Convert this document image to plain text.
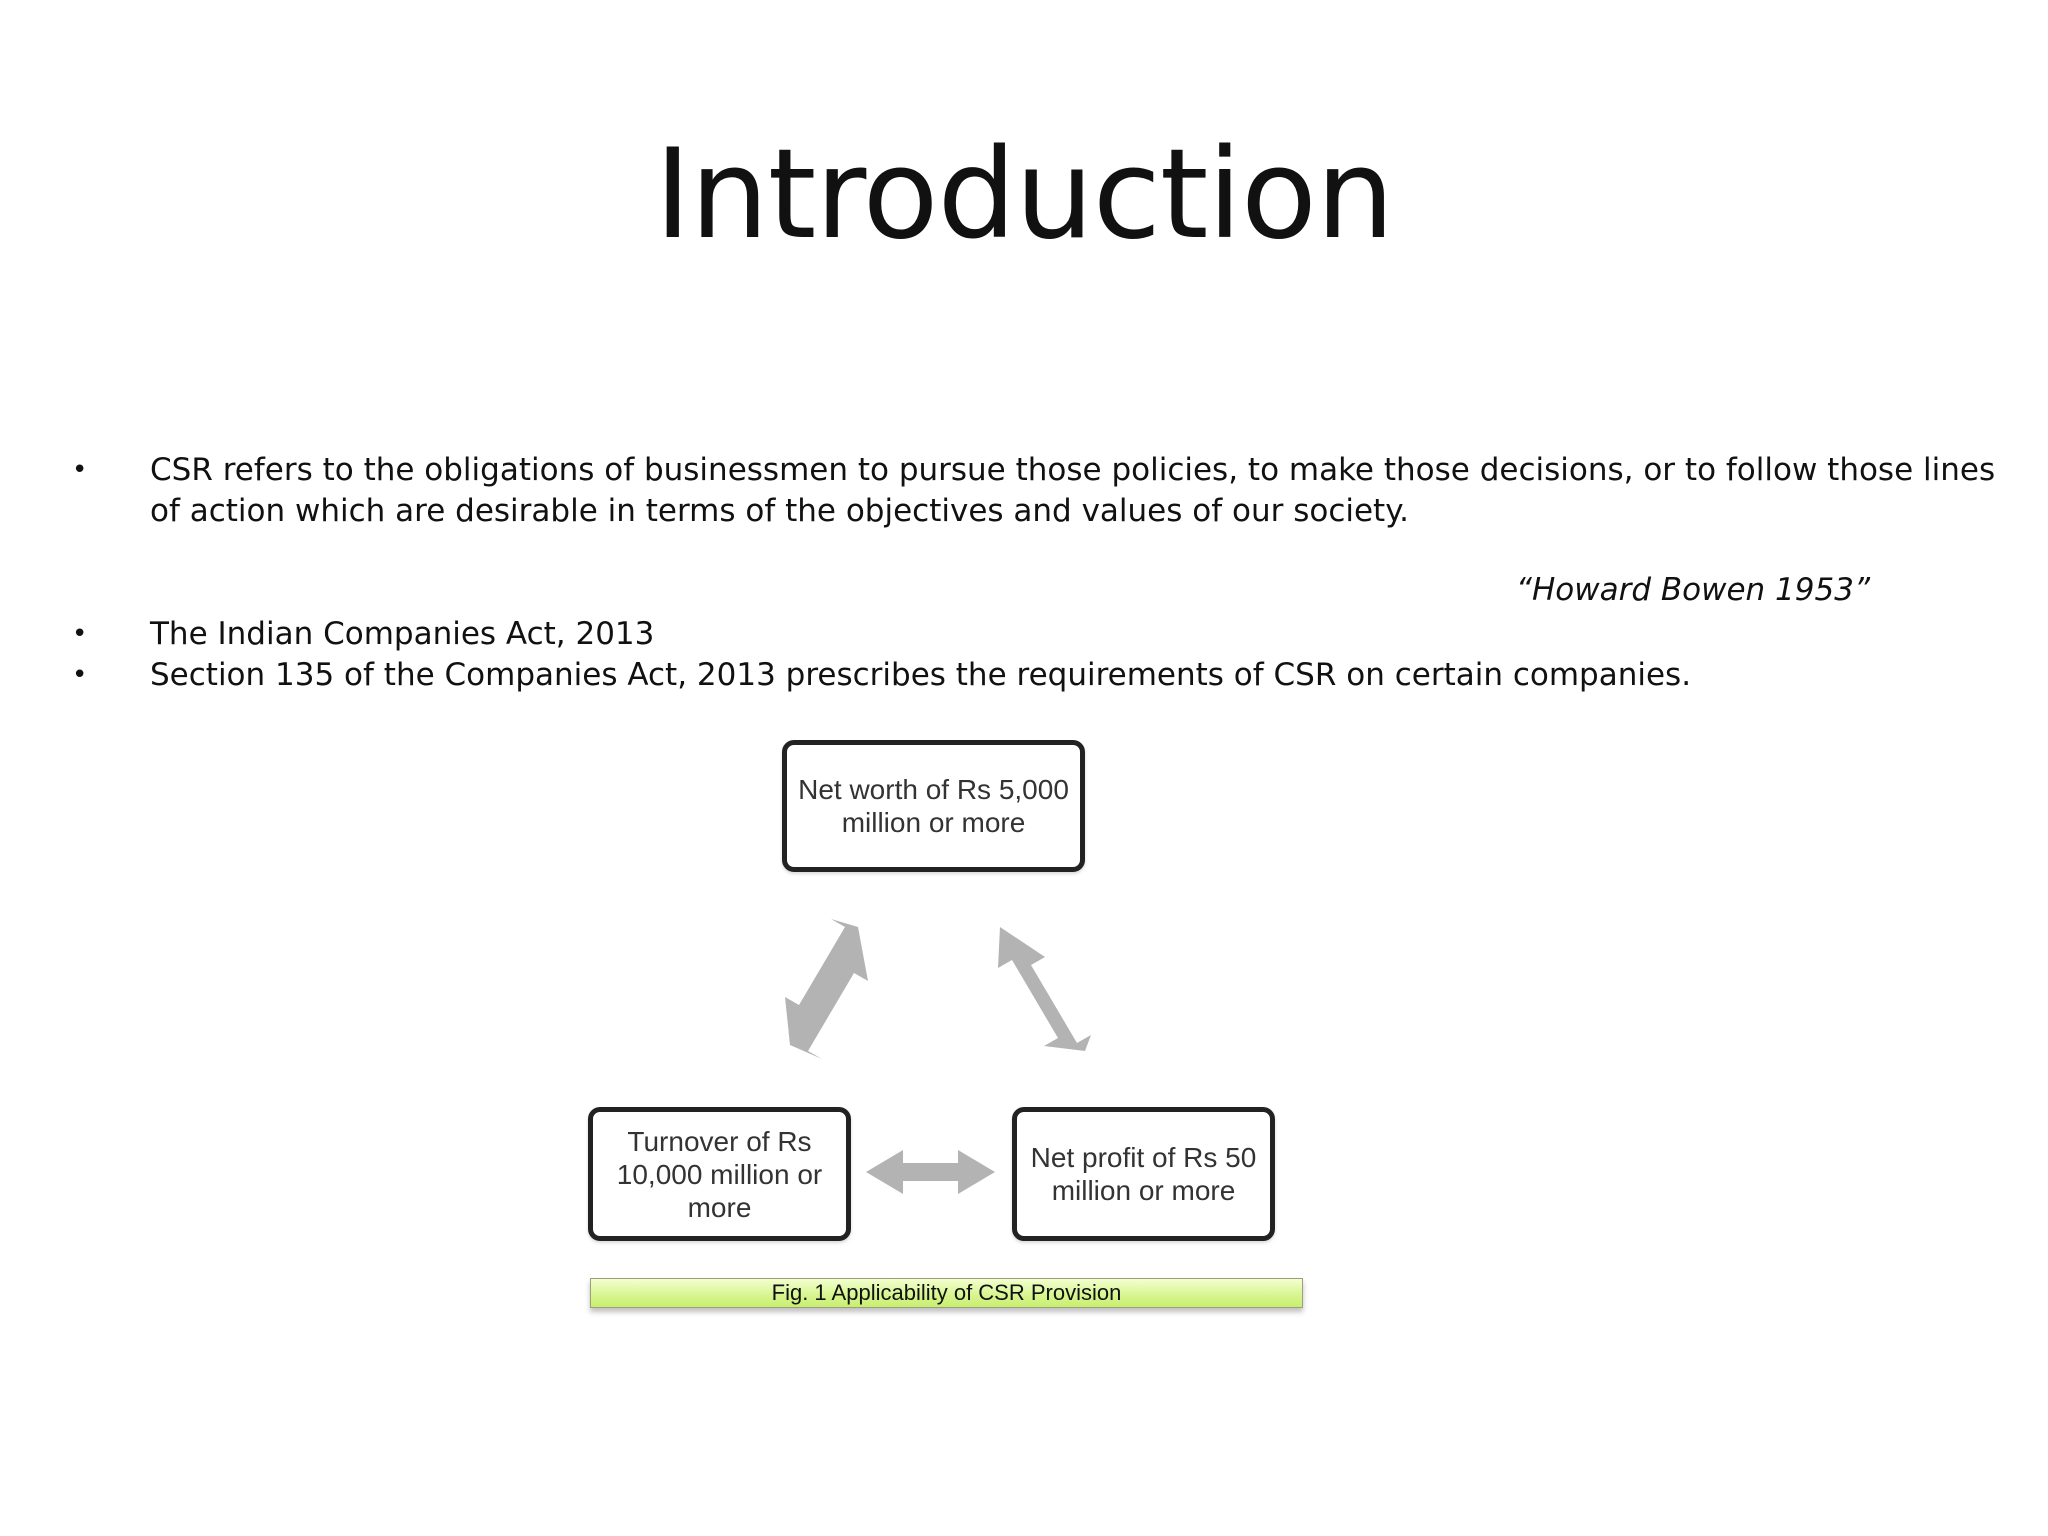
Introduction
• CSR refers to the obligations of businessmen to pursue those policies, to make those decisions, or to follow those lines of action which are desirable in terms of the objectives and values of our society.
• The Indian Companies Act, 2013
• Section 135 of the Companies Act, 2013 prescribes the requirements of CSR on certain companies.
“Howard Bowen 1953”
Net worth of Rs 5,000 million or more
Turnover of Rs 10,000 million or more
Net profit of Rs 50 million or more
Fig. 1 Applicability of CSR Provision
